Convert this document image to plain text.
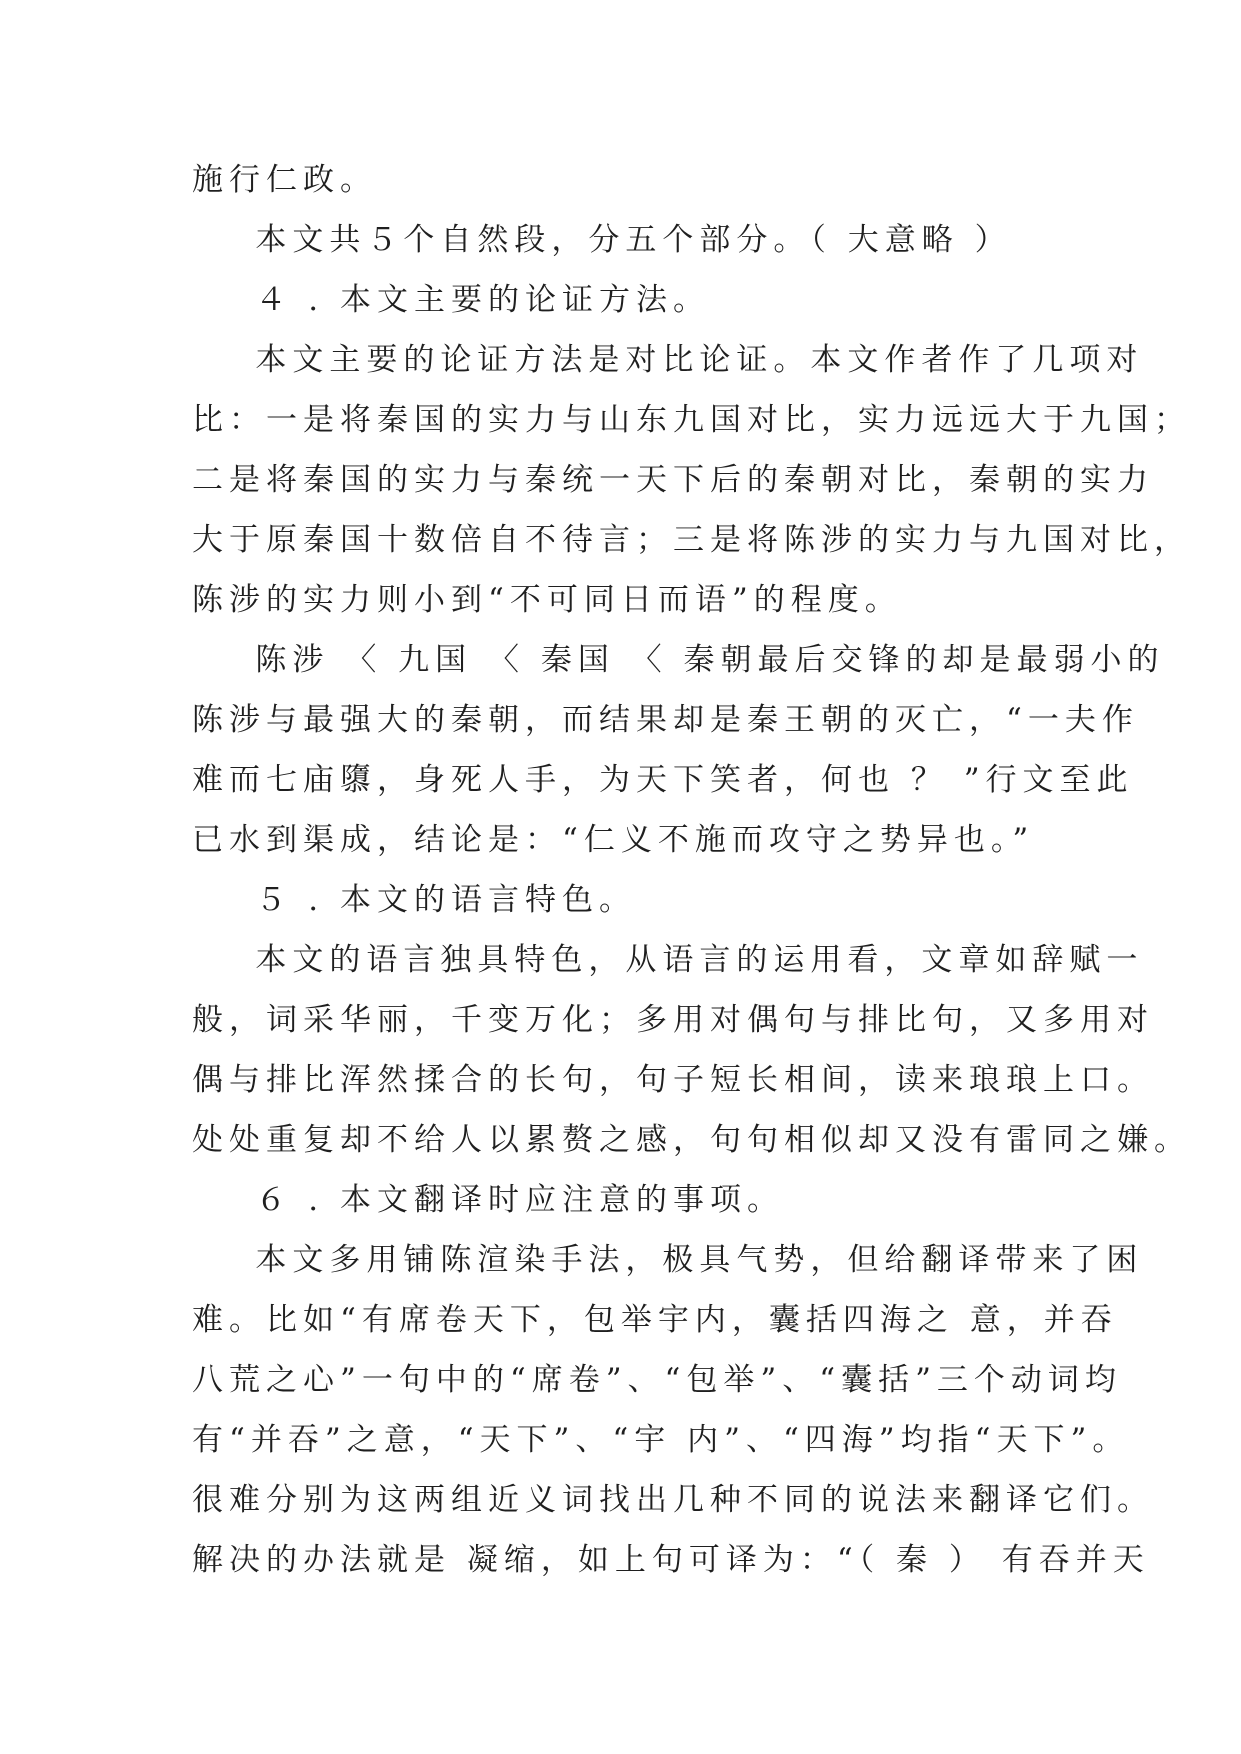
施行仁政。
本文共５个自然段，分五个部分。（ 大意略 ）
４ . 本文主要的论证方法。
本文主要的论证方法是对比论证。本文作者作了几项对
比：一是将秦国的实力与山东九国对比，实力远远大于九国；
二是将秦国的实力与秦统一天下后的秦朝对比，秦朝的实力
大于原秦国十数倍自不待言；三是将陈涉的实力与九国对比，
陈涉的实力则小到“不可同日而语”的程度。
陈涉 〈 九国 〈 秦国 〈 秦朝最后交锋的却是最弱小的
陈涉与最强大的秦朝，而结果却是秦王朝的灭亡，“一夫作
难而七庙隳，身死人手，为天下笑者，何也 ？ ”行文至此
已水到渠成，结论是：“仁义不施而攻守之势异也。”
５ . 本文的语言特色。
本文的语言独具特色，从语言的运用看，文章如辞赋一
般，词采华丽，千变万化；多用对偶句与排比句，又多用对
偶与排比浑然揉合的长句，句子短长相间，读来琅琅上口。
处处重复却不给人以累赘之感，句句相似却又没有雷同之嫌。
６ . 本文翻译时应注意的事项。
本文多用铺陈渲染手法，极具气势，但给翻译带来了困
难。比如“有席卷天下，包举宇内，囊括四海之 意，并吞
八荒之心”一句中的“席卷”、“包举”、“囊括”三个动词均
有“并吞”之意，“天下”、“宇 内”、“四海”均指“天下”。
很难分别为这两组近义词找出几种不同的说法来翻译它们。
解决的办法就是 凝缩，如上句可译为：“（ 秦 ） 有吞并天
